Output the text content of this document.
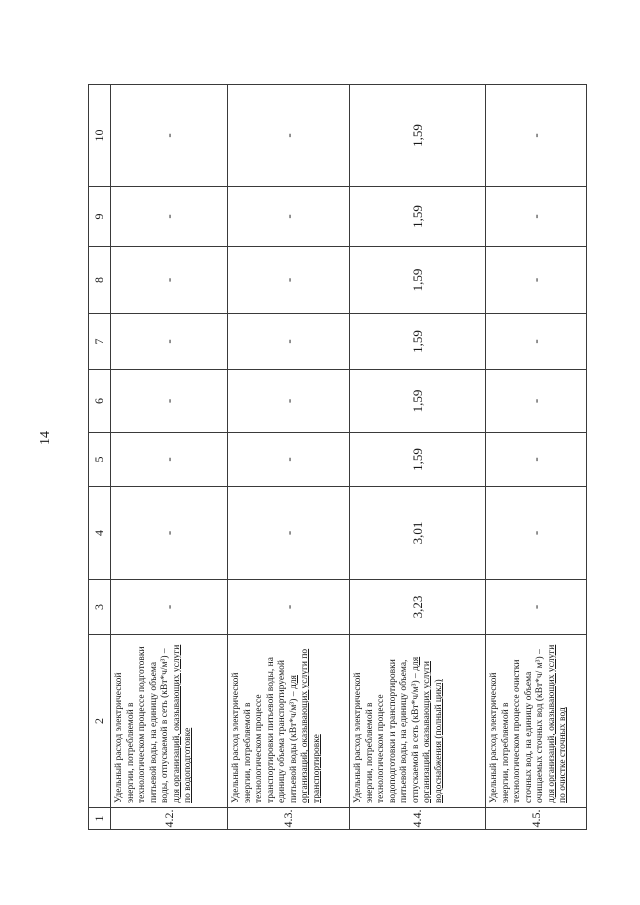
14
1	2	3	4	5	6	7	8	9	10
4.2.	Удельный расход электрической энергии, потребляемой в технологическом процессе подготовки питьевой воды, на единицу объема воды, отпускаемой в сеть (кВт*ч/м³) – для организаций, оказывающих услуги по водоподготовке	-	-	-	-	-	-	-	-
4.3.	Удельный расход электрической энергии, потребляемой в технологическом процессе транспортировки питьевой воды, на единицу объема транспортируемой питьевой воды (кВт*ч/м³) – для организаций, оказывающих услуги по транспортировке	-	-	-	-	-	-	-	-
4.4.	Удельный расход электрической энергии, потребляемой в технологическом процессе водоподготовки и транспортировки питьевой воды, на единицу объема, отпускаемой в сеть (кВт*ч/м³) – для организаций, оказывающих услуги водоснабжения (полный цикл)	3,23	3,01	1,59	1,59	1,59	1,59	1,59	1,59
4.5.	Удельный расход электрической энергии, потребляемой в технологическом процессе очистки сточных вод, на единицу объема очищаемых сточных вод (кВт*ч/ м³) – для организаций, оказывающих услуги по очистке сточных вод	-	-	-	-	-	-	-	-
